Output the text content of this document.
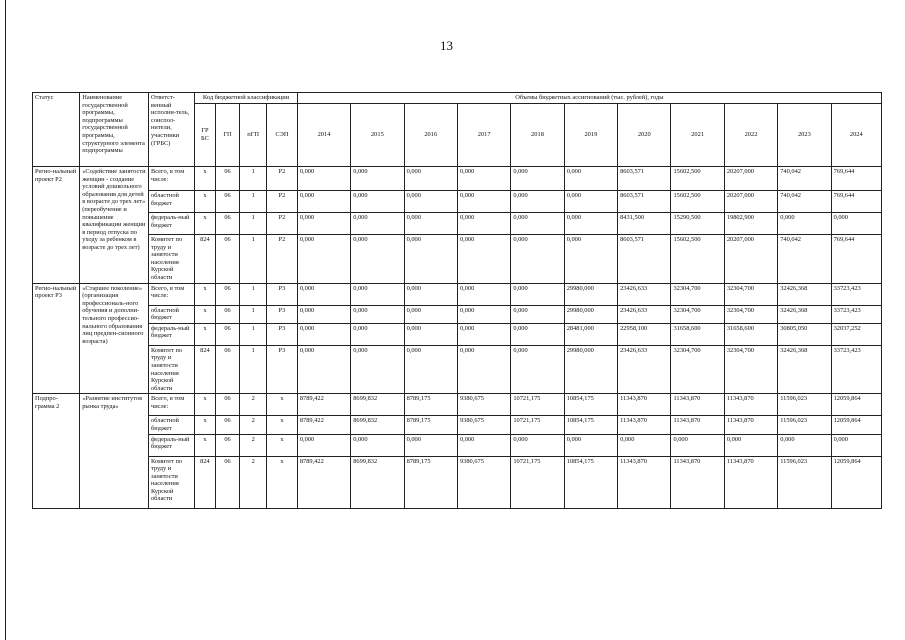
13
Статус	Наименование государственной программы, подпрограммы государственной программы, структурного элемента подпрограммы	Ответст-венный исполни-тель, соиспол-нители, участники (ГРБС)	Код бюджетной классификации				Объемы бюджетных ассигнований (тыс. рублей), годы										
			ГР БС	ГП	пГП	СЭП	2014	2015	2016	2017	2018	2019	2020	2021	2022	2023	2024
Регио-нальный проект Р2	«Содействие занятости женщин - создание условий дошкольного образования для детей в возрасте до трех лет» (переобучение и повышение квалификации женщин в период отпуска по уходу за ребенком в возрасте до трех лет)	Всего, в том числе:	х	06	1	Р2	0,000	0,000	0,000	0,000	0,000	0,000	8603,571	15602,500	20207,000	740,042	769,644
		областной бюджет	х	06	1	Р2	0,000	0,000	0,000	0,000	0,000	0,000	8603,571	15602,500	20207,000	740,042	769,644
		федераль-ный бюджет	х	06	1	Р2	0,000	0,000	0,000	0,000	0,000	0,000	8431,500	15290,500	19802,900	0,000	0,000
		Комитет по труду и занятости населения Курской области	824	06	1	Р2	0,000	0,000	0,000	0,000	0,000	0,000	8603,571	15602,500	20207,000	740,042	769,644
Регио-нальный проект Р3	«Старшее поколение» (организация профессиональ-ного обучения и дополни-тельного профессио-нального образования лиц предпен-сионного возраста)	Всего, в том числе:	х	06	1	Р3	0,000	0,000	0,000	0,000	0,000	29980,000	23426,633	32304,700	32304,700	32426,368	33723,423
		областной бюджет	х	06	1	Р3	0,000	0,000	0,000	0,000	0,000	29980,000	23426,633	32304,700	32304,700	32426,368	33723,423
		федераль-ный бюджет	х	06	1	Р3	0,000	0,000	0,000	0,000	0,000	28481,000	22958,100	31658,600	31658,600	30805,050	32037,252
		Комитет по труду и занятости населения Курской области	824	06	1	Р3	0,000	0,000	0,000	0,000	0,000	29980,000	23426,633	32304,700	32304,700	32426,368	33723,423
Подпро-грамма 2	«Развитие институтов рынка труда»	Всего, в том числе:	х	06	2	х	8789,422	8699,832	8789,175	9380,675	10721,175	10854,175	11343,870	11343,870	11343,870	11596,023	12059,864
		областной бюджет	х	06	2	х	8789,422	8699,832	8789,175	9380,675	10721,175	10854,175	11343,870	11343,870	11343,870	11596,023	12059,864
		федераль-ный бюджет	х	06	2	х	0,000	0,000	0,000	0,000	0,000	0,000	0,000	0,000	0,000	0,000	0,000
		Комитет по труду и занятости населения Курской области	824	06	2	х	8789,422	8699,832	8789,175	9380,675	10721,175	10854,175	11343,870	11343,870	11343,870	11596,023	12059,864
